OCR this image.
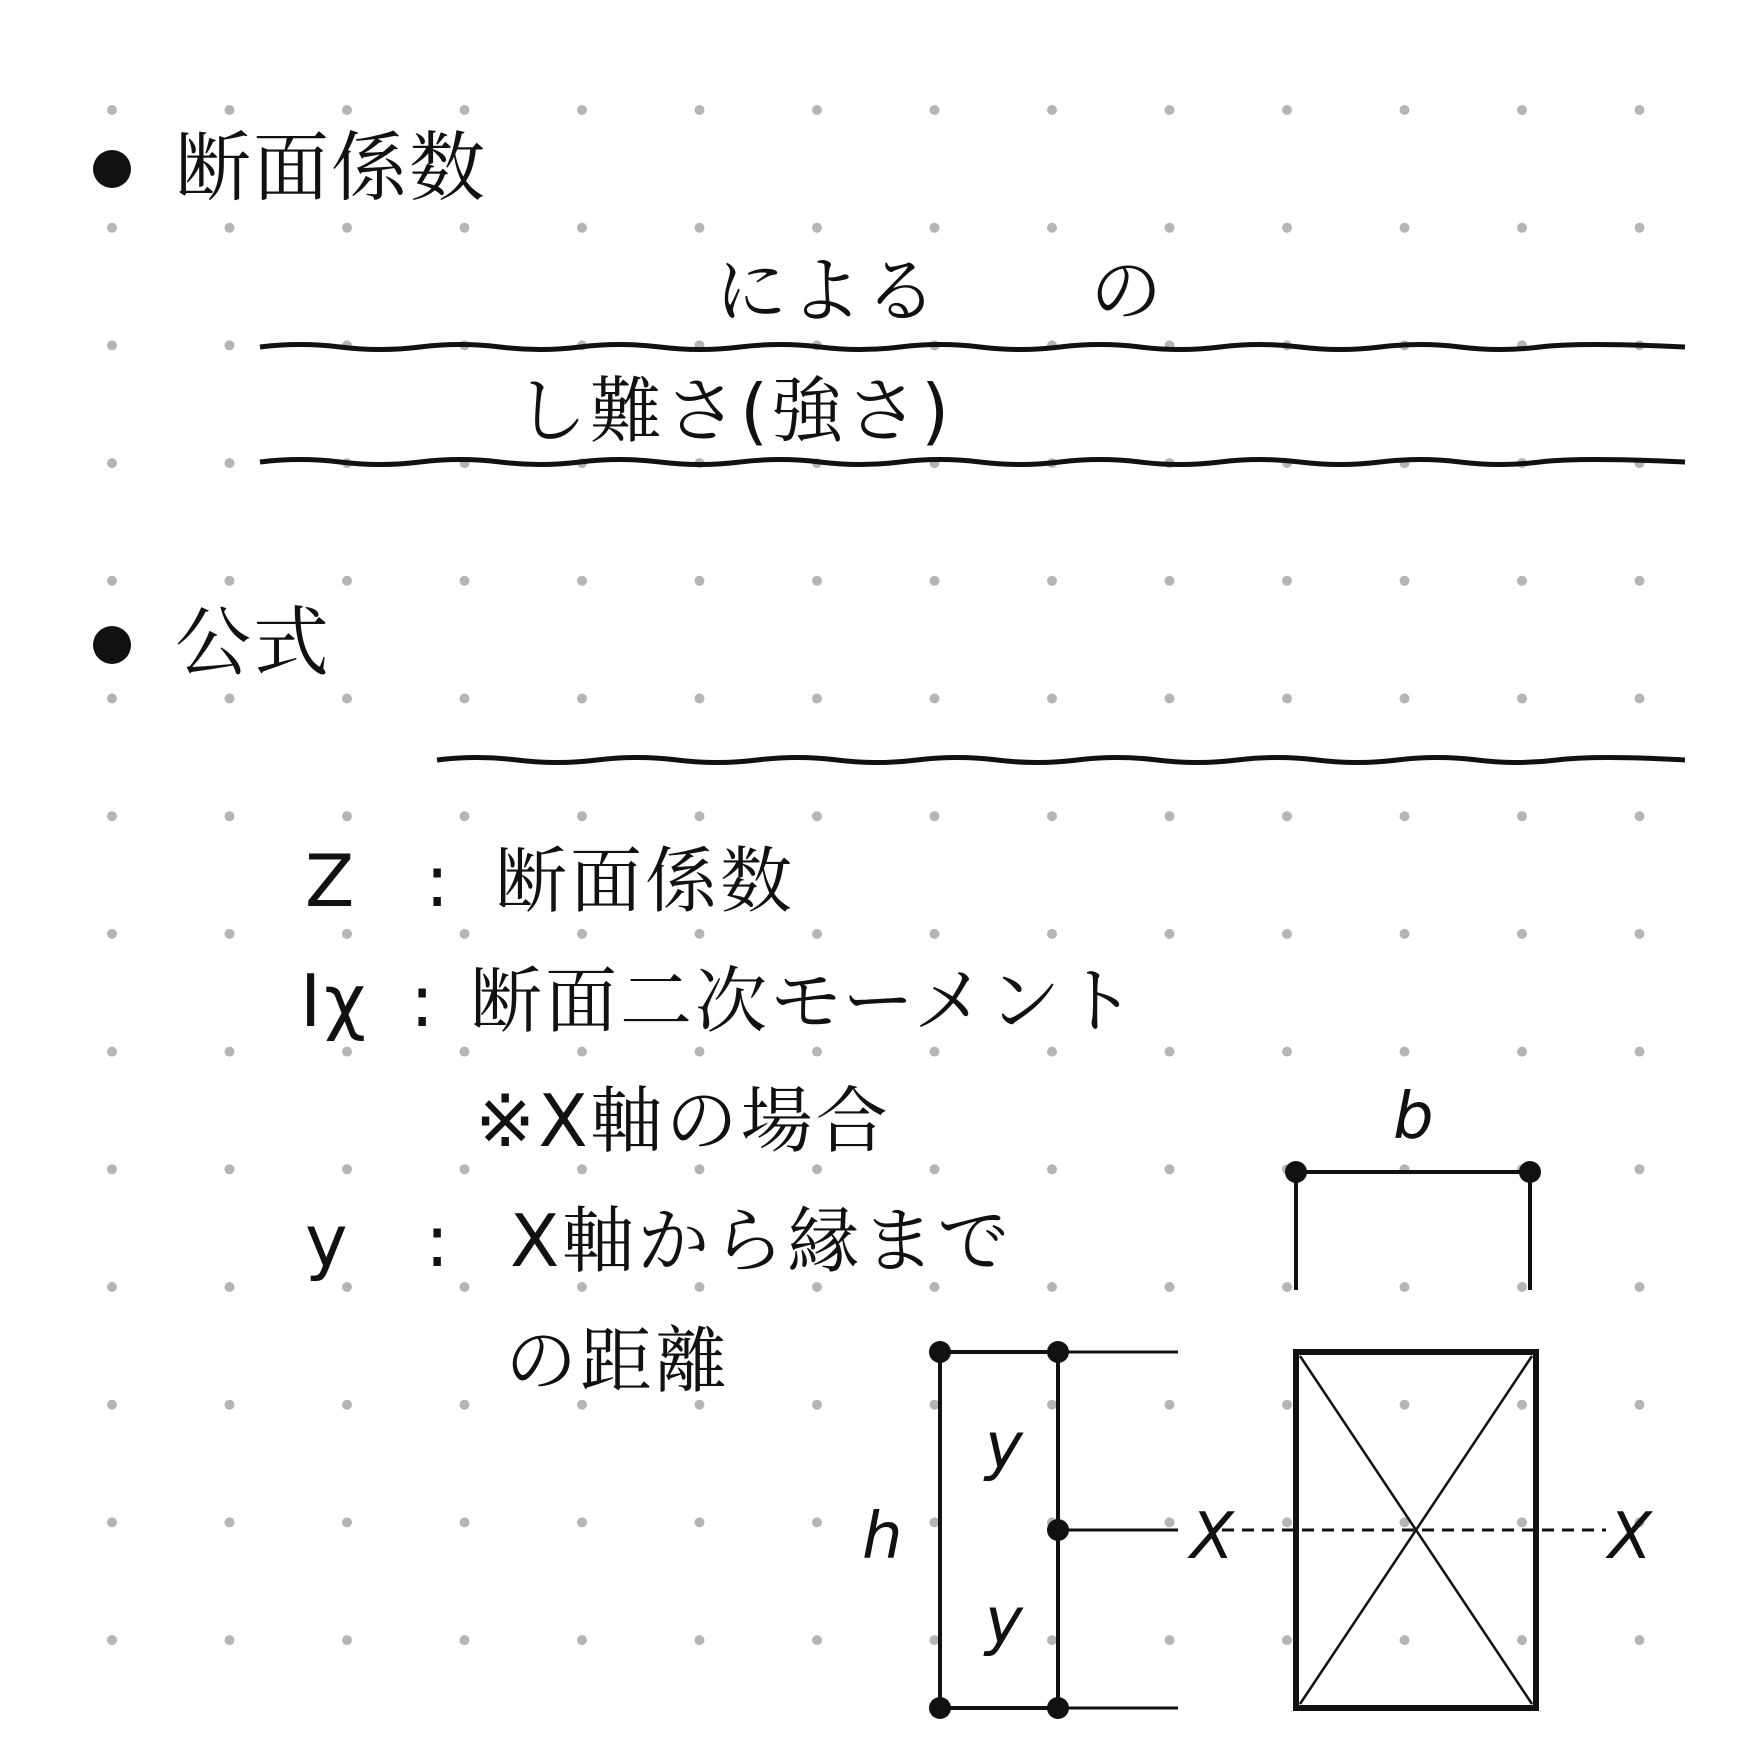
断面係数
による　　の
し難さ(強さ)
公式
Z : 断面係数
Iχ : 断面二次モーメント
※X軸の場合
y : X軸から縁まで
の距離
h
y
y
X	X
b
